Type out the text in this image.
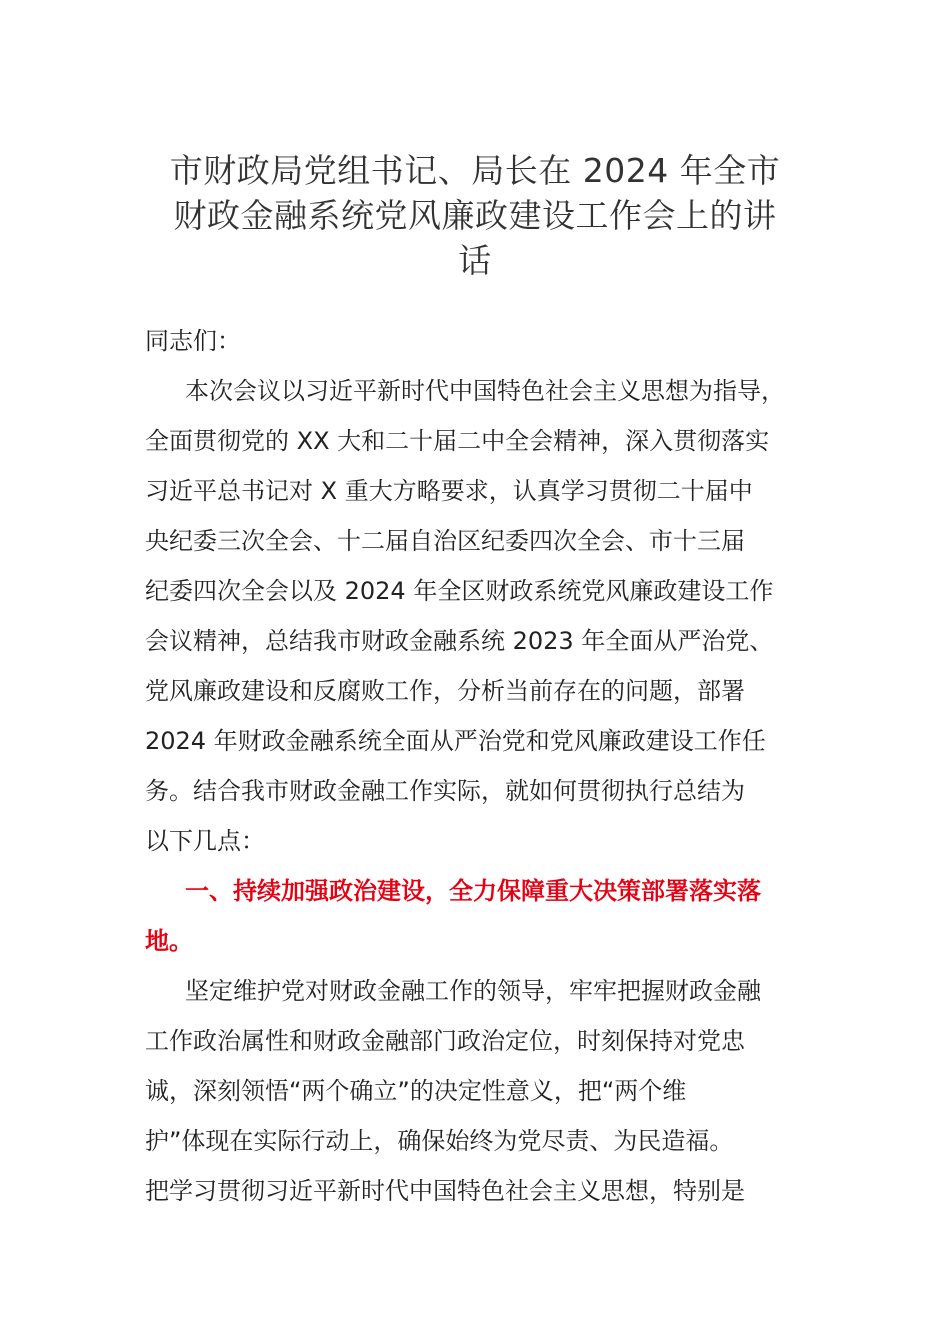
市财政局党组书记、局长在 2024 年全市
财政金融系统党风廉政建设工作会上的讲
话
同志们：
本次会议以习近平新时代中国特色社会主义思想为指导，
全面贯彻党的 XX 大和二十届二中全会精神，深入贯彻落实
习近平总书记对 X 重大方略要求，认真学习贯彻二十届中
央纪委三次全会、十二届自治区纪委四次全会、市十三届
纪委四次全会以及 2024 年全区财政系统党风廉政建设工作
会议精神，总结我市财政金融系统 2023 年全面从严治党、
党风廉政建设和反腐败工作，分析当前存在的问题，部署
2024 年财政金融系统全面从严治党和党风廉政建设工作任
务。结合我市财政金融工作实际，就如何贯彻执行总结为
以下几点：
一、持续加强政治建设，全力保障重大决策部署落实落
地。
坚定维护党对财政金融工作的领导，牢牢把握财政金融
工作政治属性和财政金融部门政治定位，时刻保持对党忠
诚，深刻领悟“两个确立”的决定性意义，把“两个维
护”体现在实际行动上，确保始终为党尽责、为民造福。
把学习贯彻习近平新时代中国特色社会主义思想，特别是
